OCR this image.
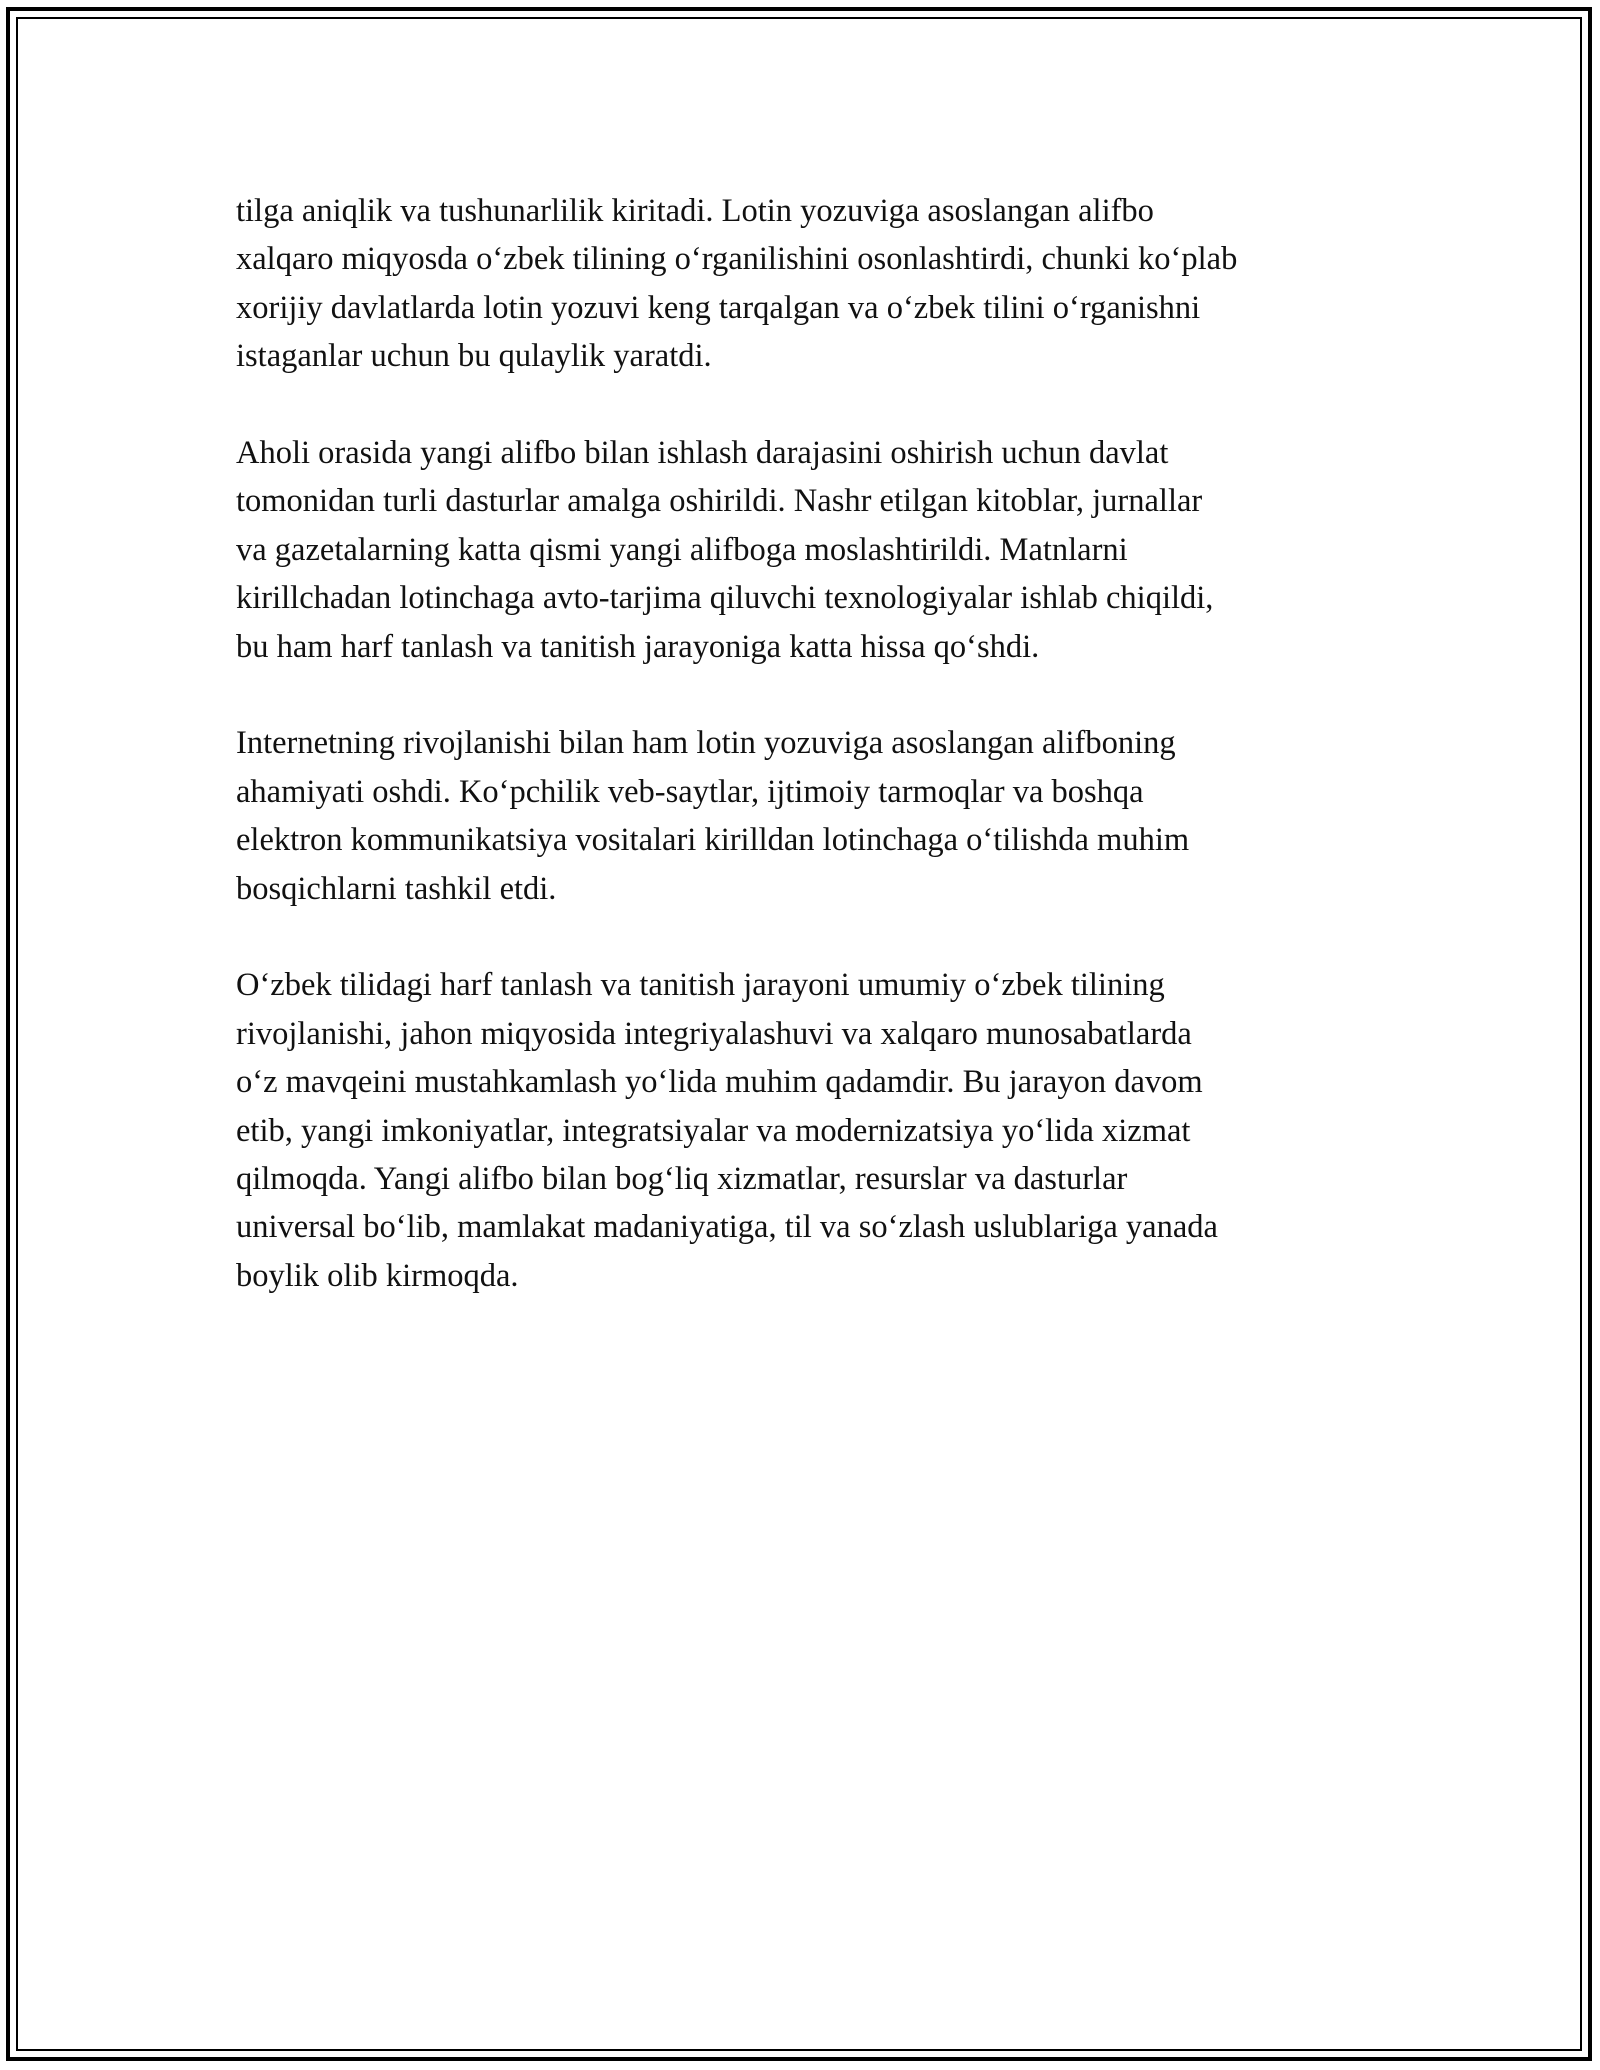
tilga aniqlik va tushunarlilik kiritadi. Lotin yozuviga asoslangan alifbo
xalqaro miqyosda o‘zbek tilining o‘rganilishini osonlashtirdi, chunki ko‘plab
xorijiy davlatlarda lotin yozuvi keng tarqalgan va o‘zbek tilini o‘rganishni
istaganlar uchun bu qulaylik yaratdi.

Aholi orasida yangi alifbo bilan ishlash darajasini oshirish uchun davlat
tomonidan turli dasturlar amalga oshirildi. Nashr etilgan kitoblar, jurnallar
va gazetalarning katta qismi yangi alifboga moslashtirildi. Matnlarni
kirillchadan lotinchaga avto-tarjima qiluvchi texnologiyalar ishlab chiqildi,
bu ham harf tanlash va tanitish jarayoniga katta hissa qo‘shdi.

Internetning rivojlanishi bilan ham lotin yozuviga asoslangan alifboning
ahamiyati oshdi. Ko‘pchilik veb-saytlar, ijtimoiy tarmoqlar va boshqa
elektron kommunikatsiya vositalari kirilldan lotinchaga o‘tilishda muhim
bosqichlarni tashkil etdi.

O‘zbek tilidagi harf tanlash va tanitish jarayoni umumiy o‘zbek tilining
rivojlanishi, jahon miqyosida integriyalashuvi va xalqaro munosabatlarda
o‘z mavqeini mustahkamlash yo‘lida muhim qadamdir. Bu jarayon davom
etib, yangi imkoniyatlar, integratsiyalar va modernizatsiya yo‘lida xizmat
qilmoqda. Yangi alifbo bilan bog‘liq xizmatlar, resurslar va dasturlar
universal bo‘lib, mamlakat madaniyatiga, til va so‘zlash uslublariga yanada
boylik olib kirmoqda.
